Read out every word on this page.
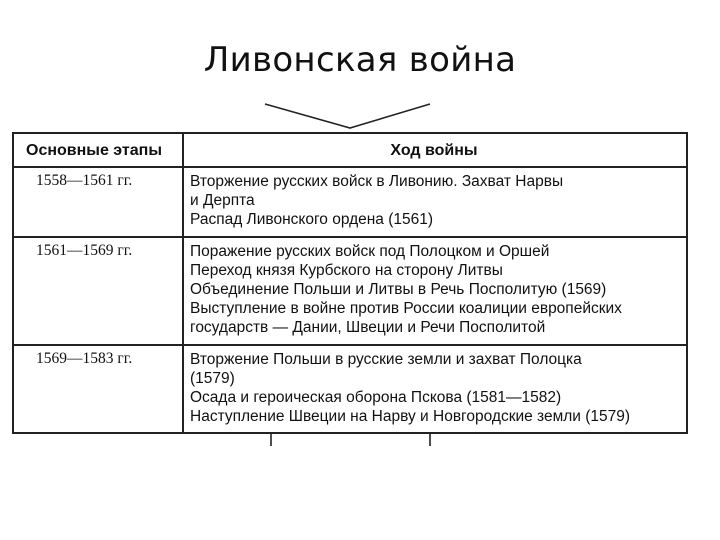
Ливонская война
Основные этапы	Ход войны
1558—1561 гг.	Вторжение русских войск в Ливонию. Захват Нарвы
и Дерпта
Распад Ливонского ордена (1561)
1561—1569 гг.	Поражение русских войск под Полоцком и Оршей
Переход князя Курбского на сторону Литвы
Объединение Польши и Литвы в Речь Посполитую (1569)
Выступление в войне против России коалиции европейских
государств — Дании, Швеции и Речи Посполитой
1569—1583 гг.	Вторжение Польши в русские земли и захват Полоцка
(1579)
Осада и героическая оборона Пскова (1581—1582)
Наступление Швеции на Нарву и Новгородские земли (1579)
